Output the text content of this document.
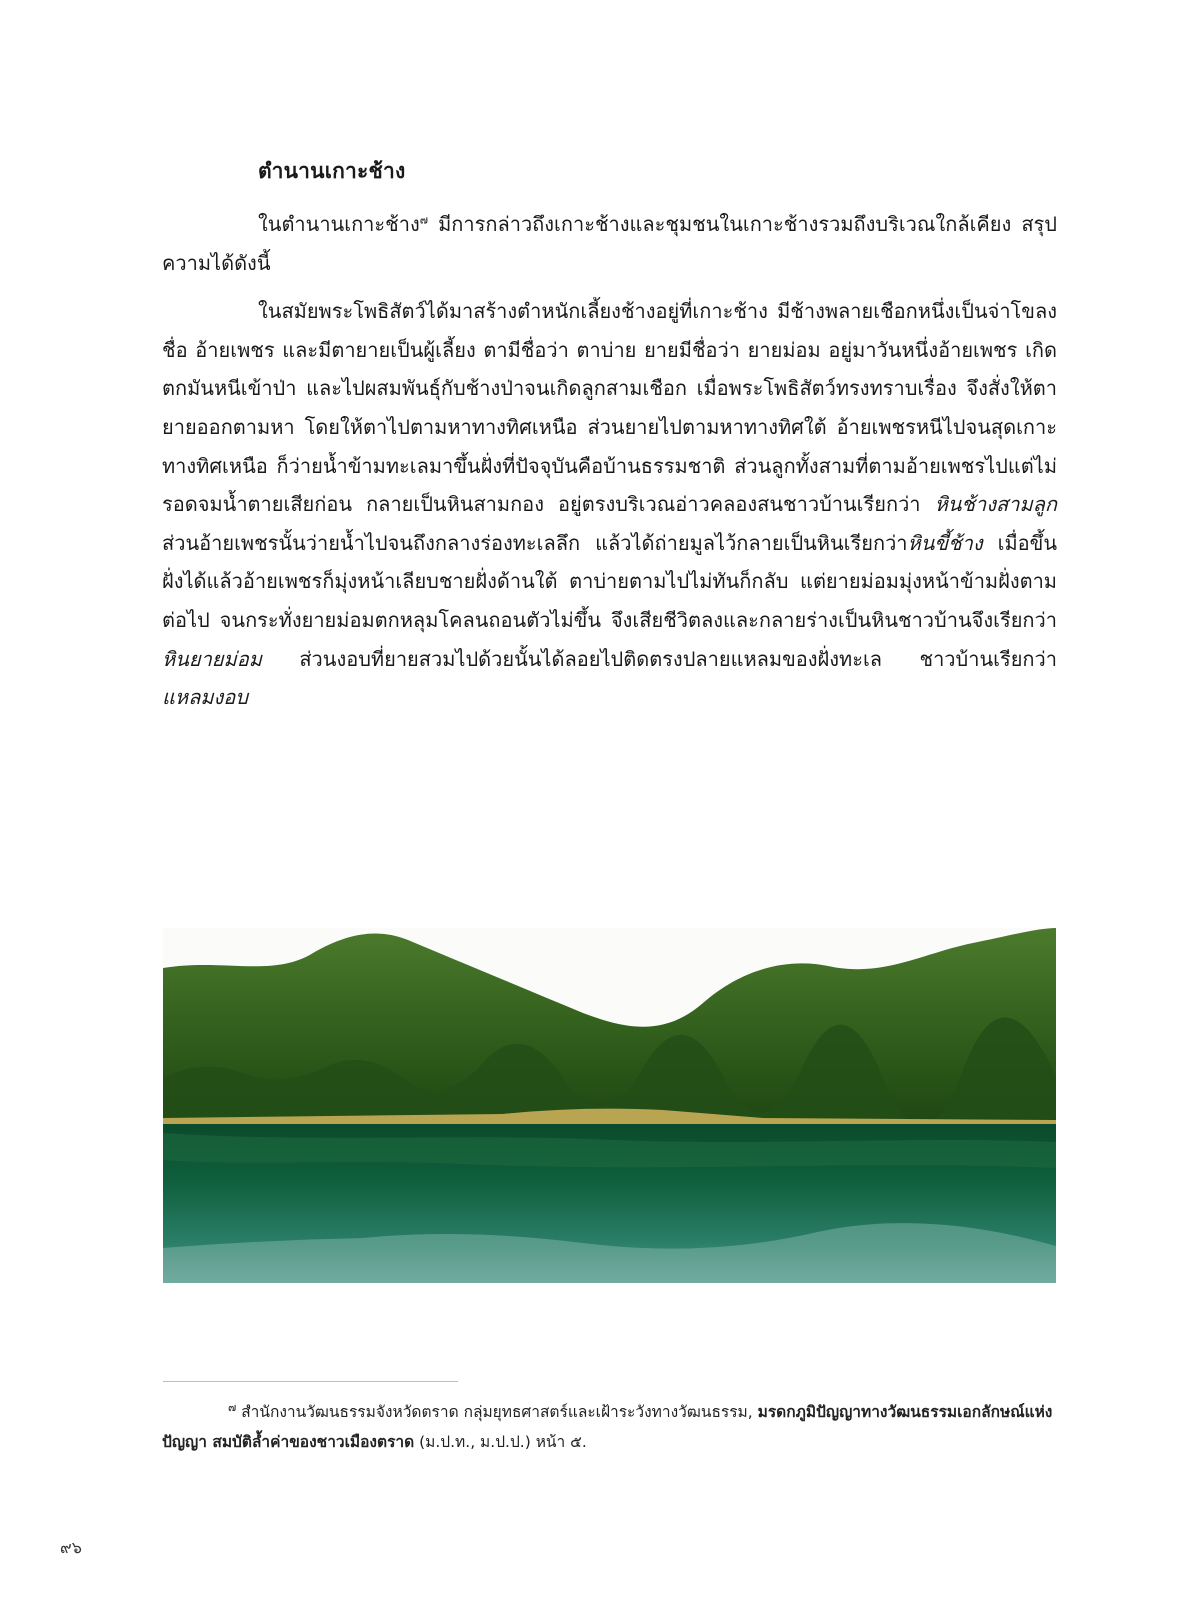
ตำนานเกาะช้าง

ในตำนานเกาะช้าง$^๗$ มีการกล่าวถึงเกาะช้างและชุมชนในเกาะช้างรวมถึงบริเวณใกล้เคียง สรุปความได้ดังนี้

ในสมัยพระโพธิสัตว์ได้มาสร้างตำหนักเลี้ยงช้างอยู่ที่เกาะช้าง มีช้างพลายเชือกหนึ่งเป็นจ่าโขลงชื่อ อ้ายเพชร และมีตายายเป็นผู้เลี้ยง ตามีชื่อว่า ตาบ่าย ยายมีชื่อว่า ยายม่อม อยู่มาวันหนึ่งอ้ายเพชร เกิดตกมันหนีเข้าป่า และไปผสมพันธุ์กับช้างป่าจนเกิดลูกสามเชือก เมื่อพระโพธิสัตว์ทรงทราบเรื่อง จึงสั่งให้ตายายออกตามหา โดยให้ตาไปตามหาทางทิศเหนือ ส่วนยายไปตามหาทางทิศใต้ อ้ายเพชรหนีไปจนสุดเกาะทางทิศเหนือ ก็ว่ายน้ำข้ามทะเลมาขึ้นฝั่งที่ปัจจุบันคือบ้านธรรมชาติ ส่วนลูกทั้งสามที่ตามอ้ายเพชรไปแต่ไม่รอดจมน้ำตายเสียก่อน กลายเป็นหินสามกอง อยู่ตรงบริเวณอ่าวคลองสนชาวบ้านเรียกว่า หินช้างสามลูก ส่วนอ้ายเพชรนั้นว่ายน้ำไปจนถึงกลางร่องทะเลลึก แล้วได้ถ่ายมูลไว้กลายเป็นหินเรียกว่าหินขี้ช้าง เมื่อขึ้นฝั่งได้แล้วอ้ายเพชรก็มุ่งหน้าเลียบชายฝั่งด้านใต้ ตาบ่ายตามไปไม่ทันก็กลับ แต่ยายม่อมมุ่งหน้าข้ามฝั่งตามต่อไป จนกระทั่งยายม่อมตกหลุมโคลนถอนตัวไม่ขึ้น จึงเสียชีวิตลงและกลายร่างเป็นหินชาวบ้านจึงเรียกว่า หินยายม่อม ส่วนงอบที่ยายสวมไปด้วยนั้นได้ลอยไปติดตรงปลายแหลมของฝั่งทะเล ชาวบ้านเรียกว่า แหลมงอบ

$^๗$ สำนักงานวัฒนธรรมจังหวัดตราด กลุ่มยุทธศาสตร์และเฝ้าระวังทางวัฒนธรรม, มรดกภูมิปัญญาทางวัฒนธรรมเอกลักษณ์แห่งปัญญา สมบัติล้ำค่าของชาวเมืองตราด (ม.ป.ท., ม.ป.ป.) หน้า ๕.

๙๖
